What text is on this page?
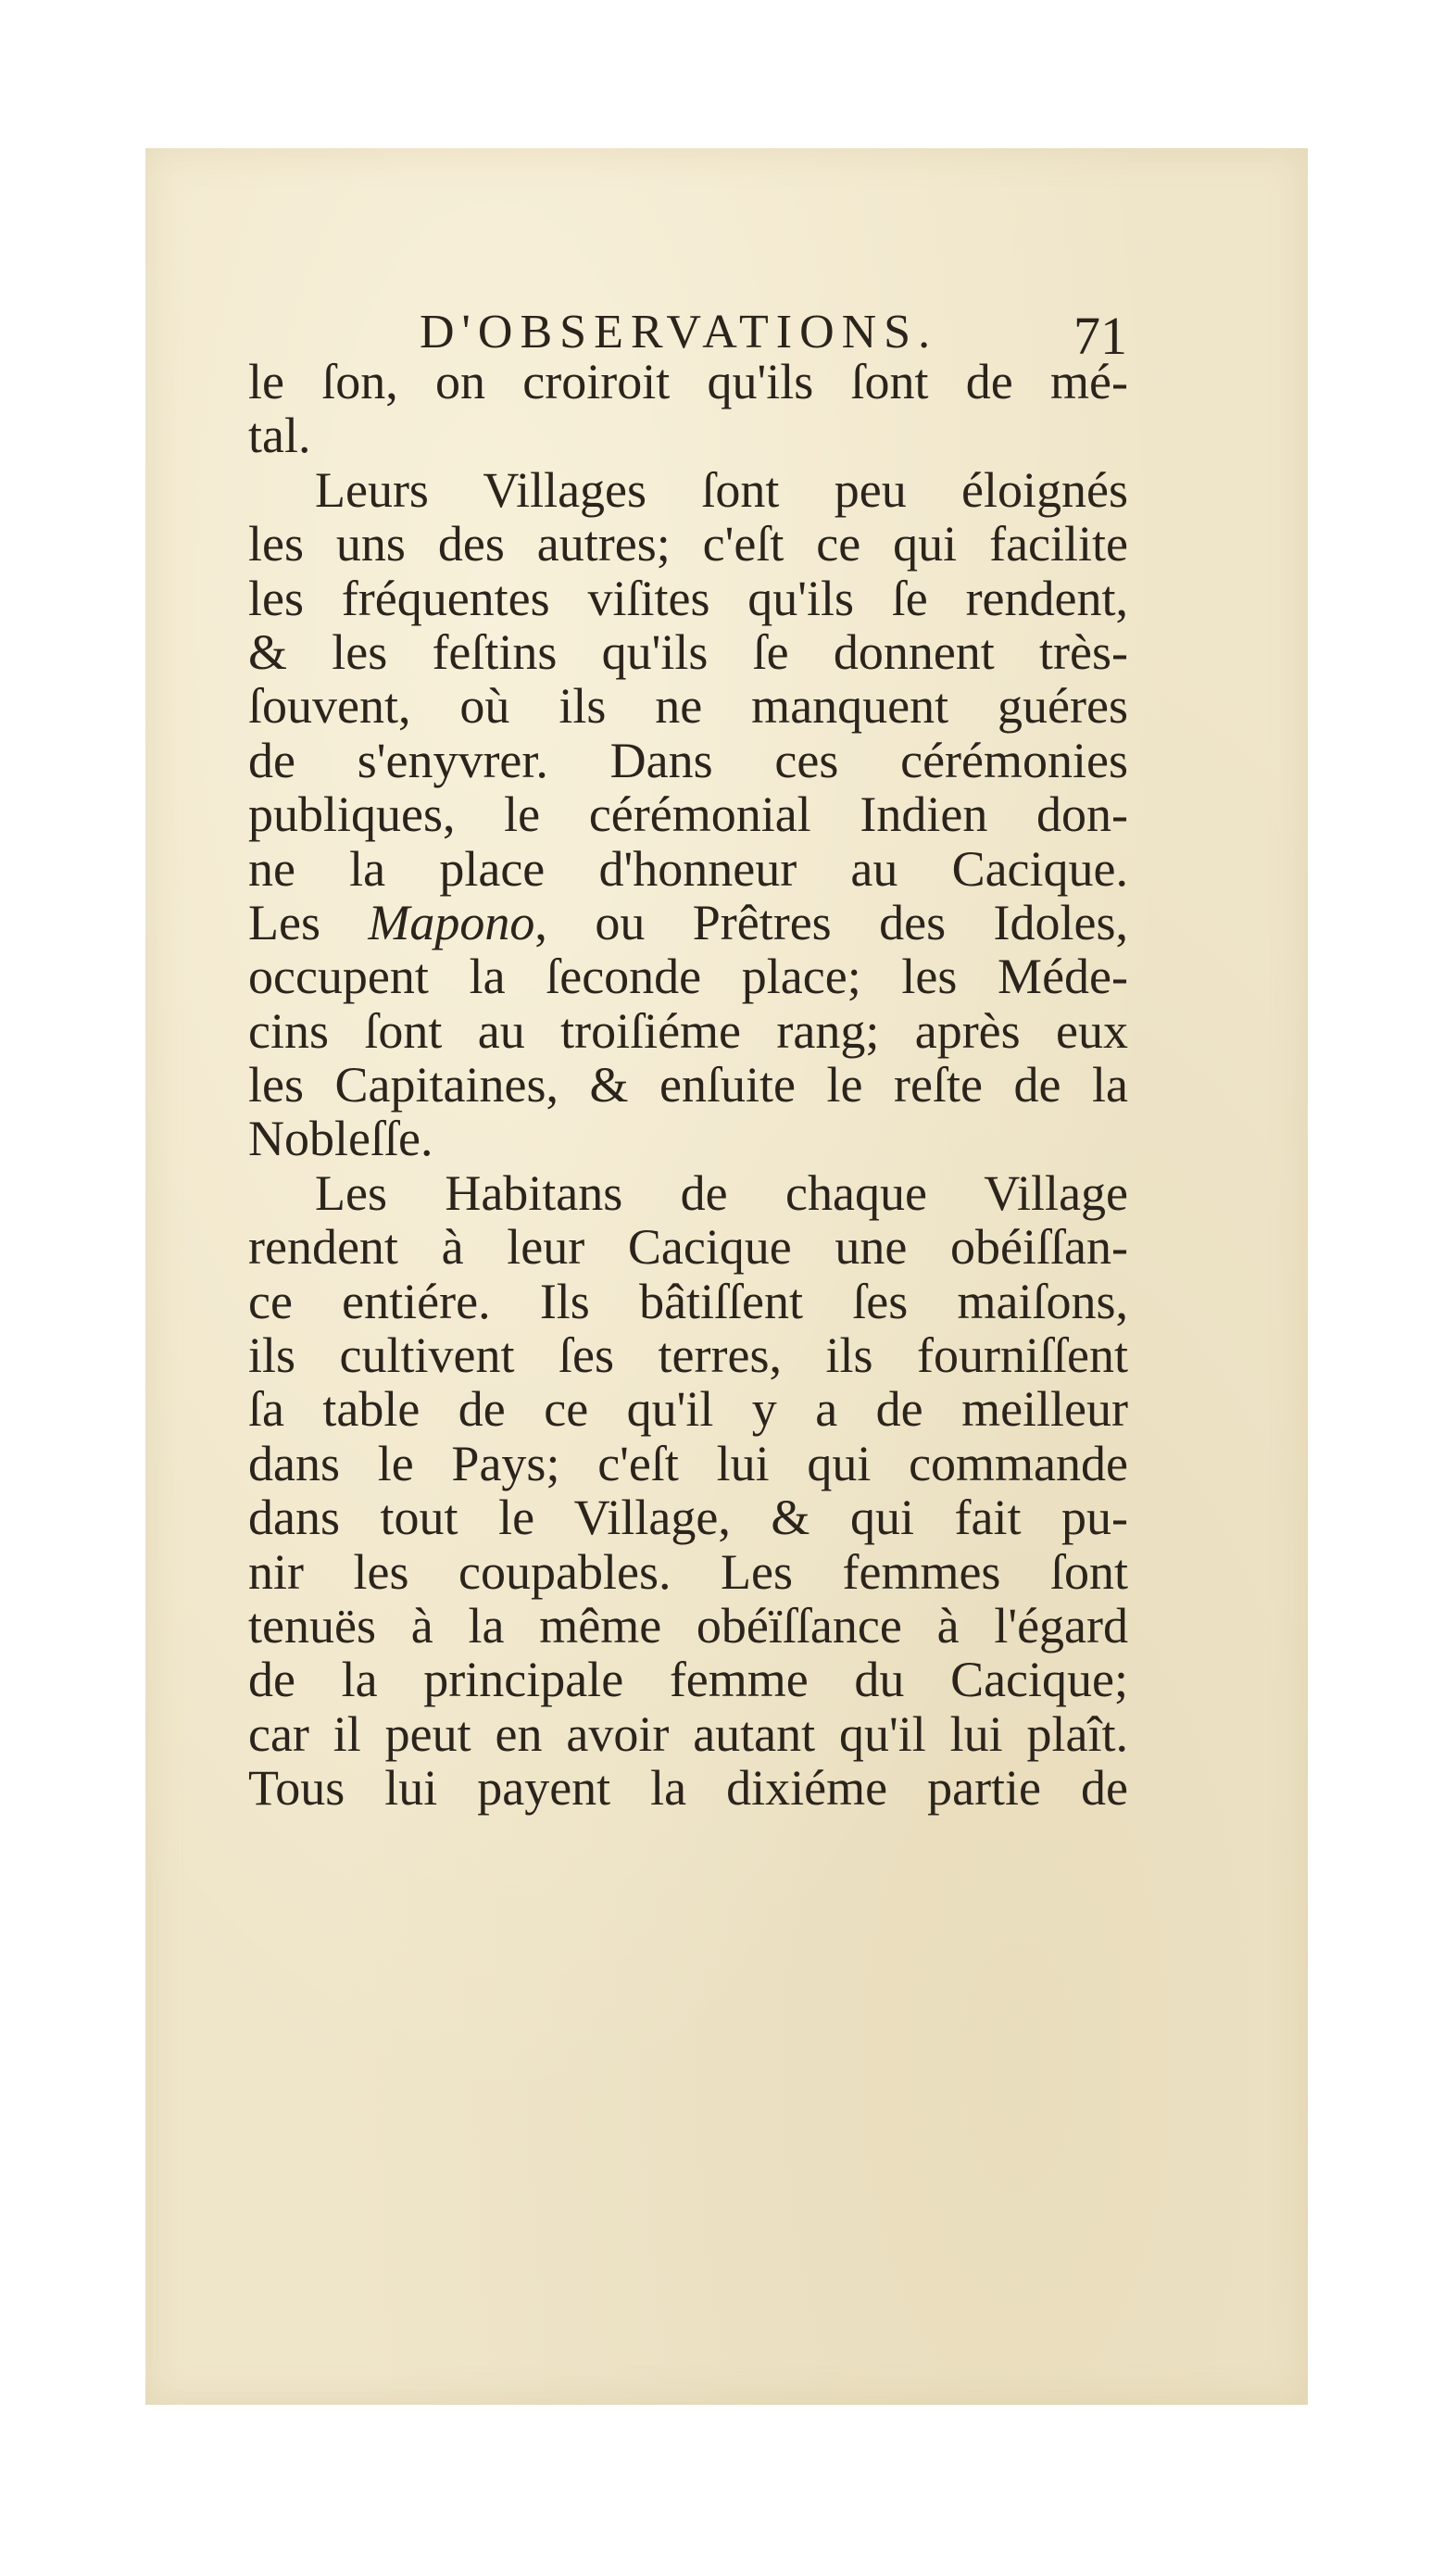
D'OBSERVATIONS.	71
le ſon, on croiroit qu'ils ſont de mé-
tal.
Leurs Villages ſont peu éloignés
les uns des autres; c'eſt ce qui facilite
les fréquentes viſites qu'ils ſe rendent,
& les feſtins qu'ils ſe donnent très-
ſouvent, où ils ne manquent guéres
de s'enyvrer. Dans ces cérémonies
publiques, le cérémonial Indien don-
ne la place d'honneur au Cacique.
Les Mapono, ou Prêtres des Idoles,
occupent la ſeconde place; les Méde-
cins ſont au troiſiéme rang; après eux
les Capitaines, & enſuite le reſte de la
Nobleſſe.
Les Habitans de chaque Village
rendent à leur Cacique une obéiſſan-
ce entiére. Ils bâtiſſent ſes maiſons,
ils cultivent ſes terres, ils fourniſſent
ſa table de ce qu'il y a de meilleur
dans le Pays; c'eſt lui qui commande
dans tout le Village, & qui fait pu-
nir les coupables. Les femmes ſont
tenuës à la même obéïſſance à l'égard
de la principale femme du Cacique;
car il peut en avoir autant qu'il lui plaît.
Tous lui payent la dixiéme partie de
